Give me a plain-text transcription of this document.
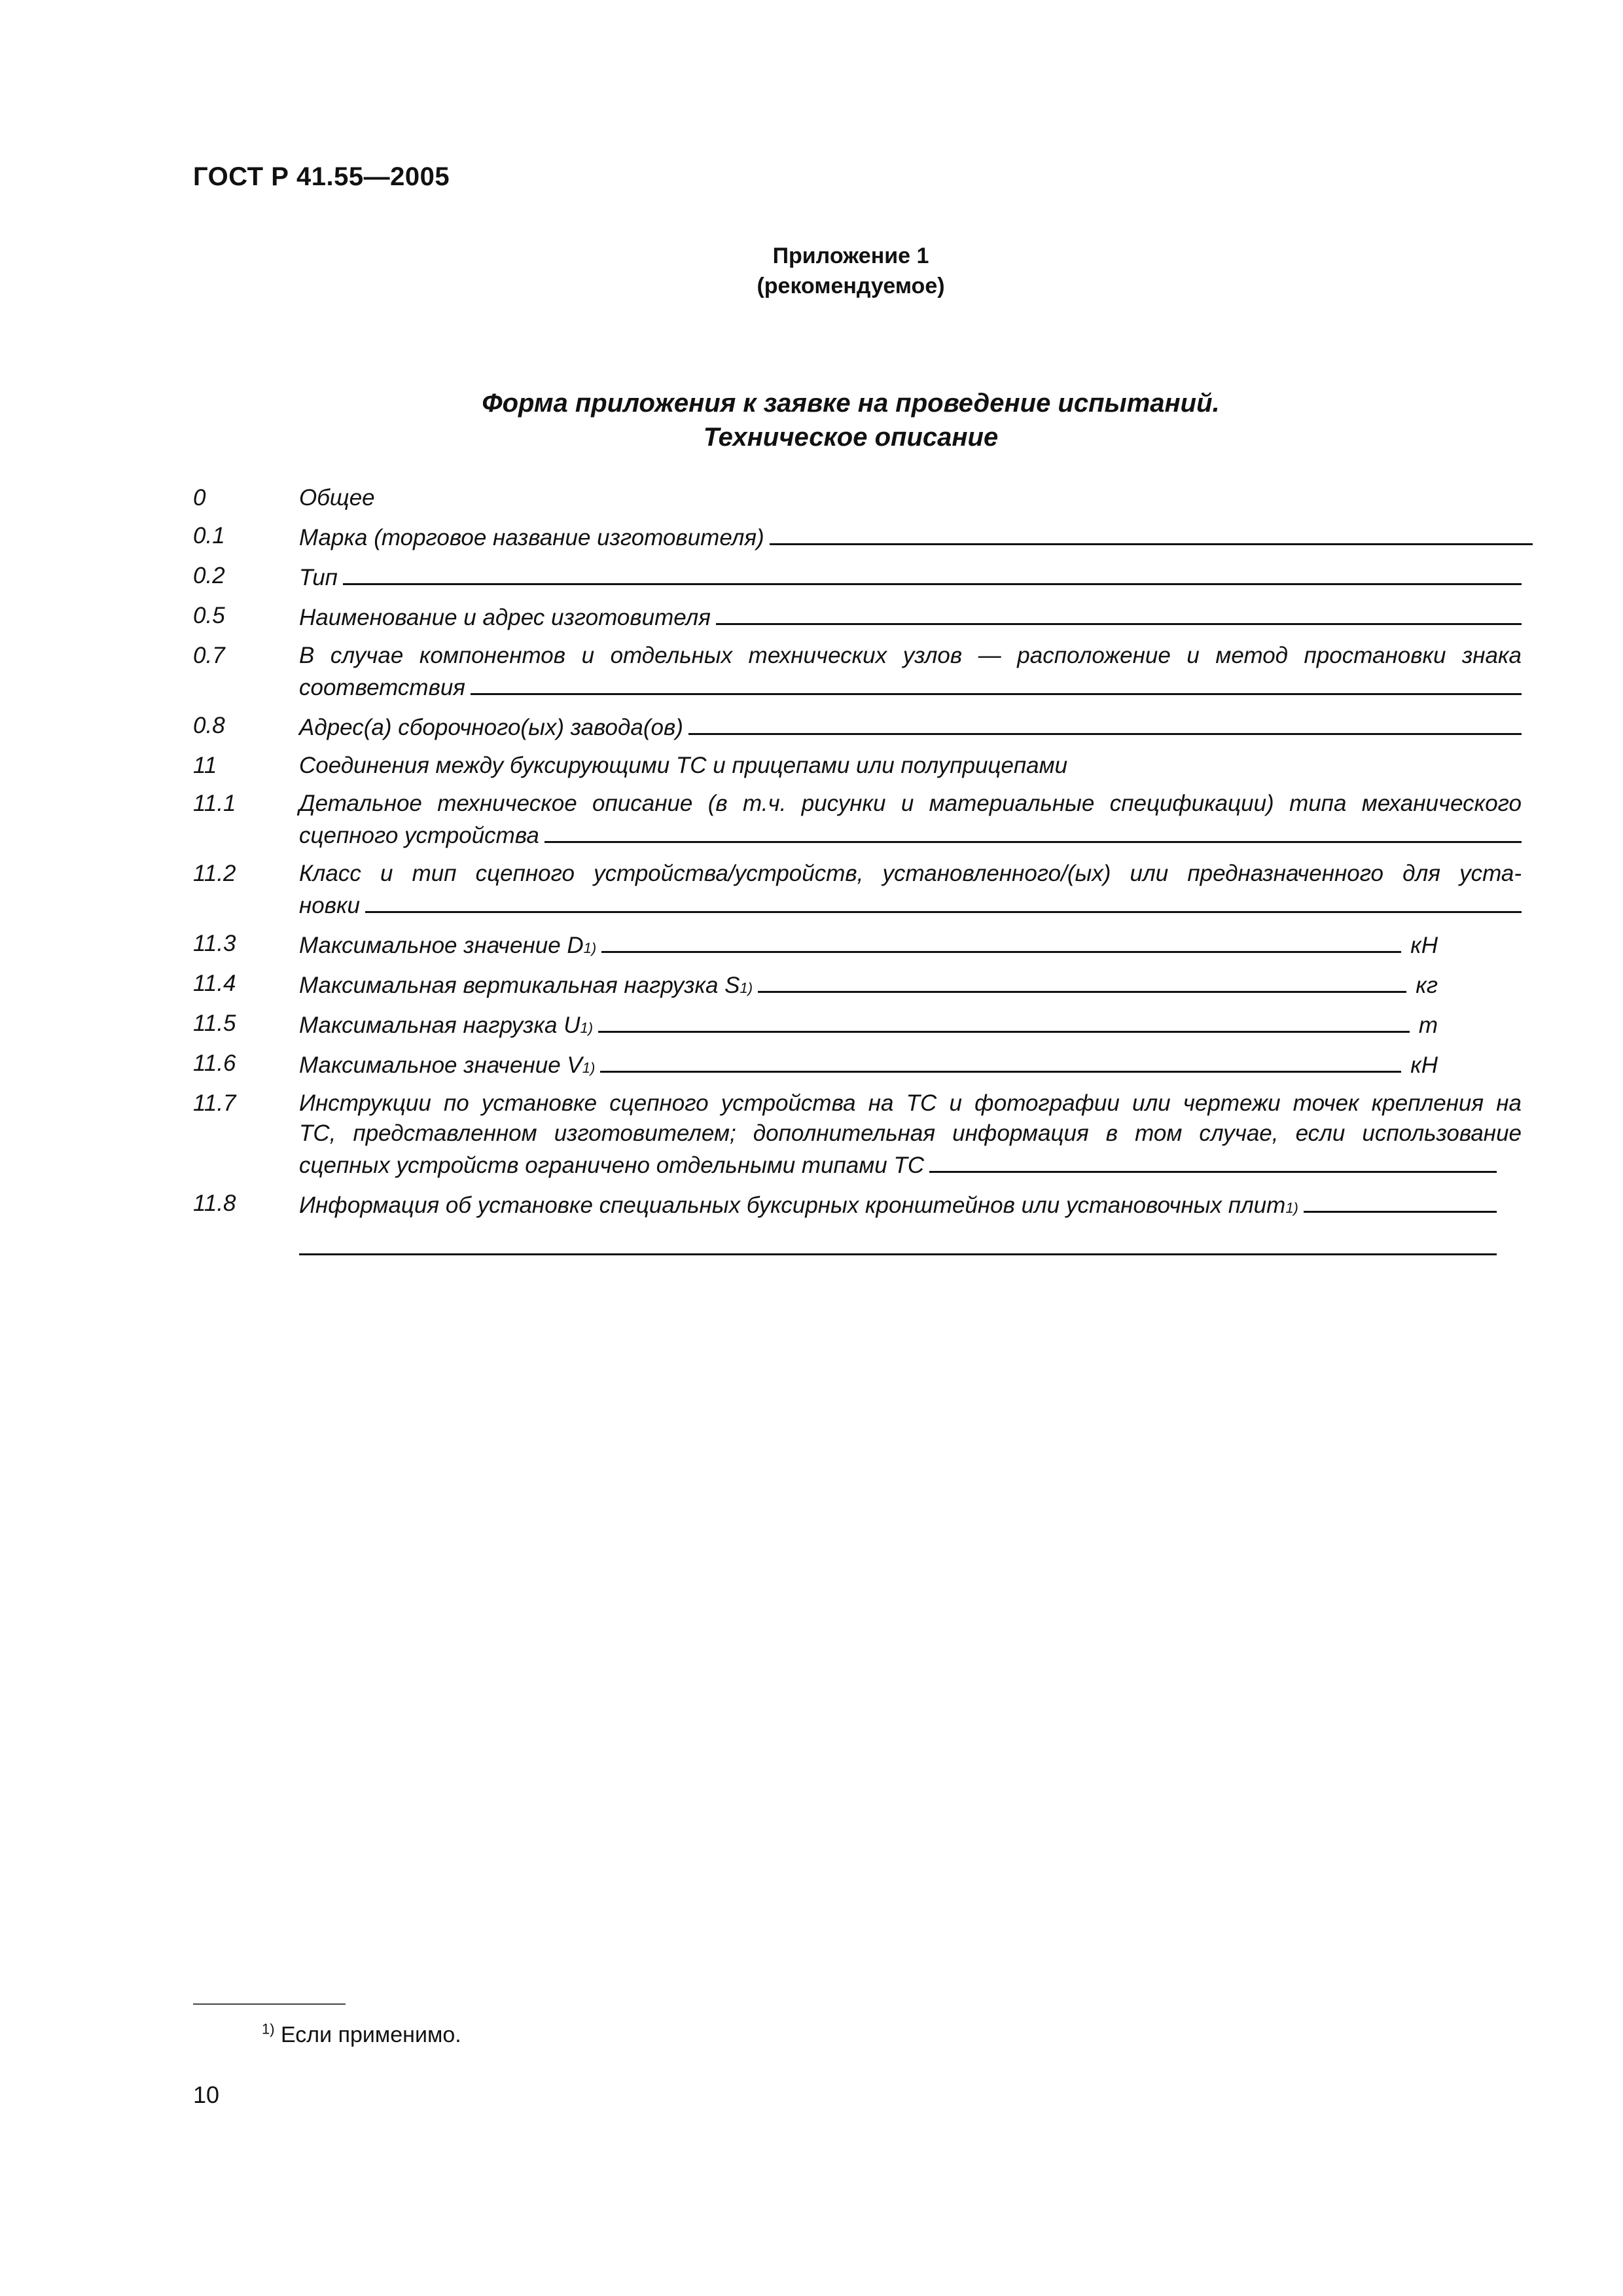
ГОСТ Р 41.55—2005
Приложение 1
(рекомендуемое)
Форма приложения к заявке на проведение испытаний.
Техническое описание
0	Общее
0.1	Марка (торговое название изготовителя)
0.2	Тип
0.5	Наименование и адрес изготовителя
0.7	В случае компонентов и отдельных технических узлов — расположение и метод простановки знака
соответствия
0.8	Адрес(а) сборочного(ых) завода(ов)
11	Соединения между буксирующими ТС и прицепами или полуприцепами
11.1	Детальное техническое описание (в т.ч. рисунки и материальные спецификации) типа механического
сцепного устройства
11.2	Класс и тип сцепного устройства/устройств, установленного/(ых) или предназначенного для уста-
новки
11.3	Максимальное значение D 1)	кН
11.4	Максимальная вертикальная нагрузка S 1)	кг
11.5	Максимальная нагрузка U 1)	т
11.6	Максимальное значение V 1)	кН
11.7	Инструкции по установке сцепного устройства на ТС и фотографии или чертежи точек крепления на
ТС, представленном изготовителем; дополнительная информация в том случае, если использование
сцепных устройств ограничено отдельными типами ТС
11.8	Информация об установке специальных буксирных кронштейнов или установочных плит 1)
$^{1)}$ Если применимо.
10
